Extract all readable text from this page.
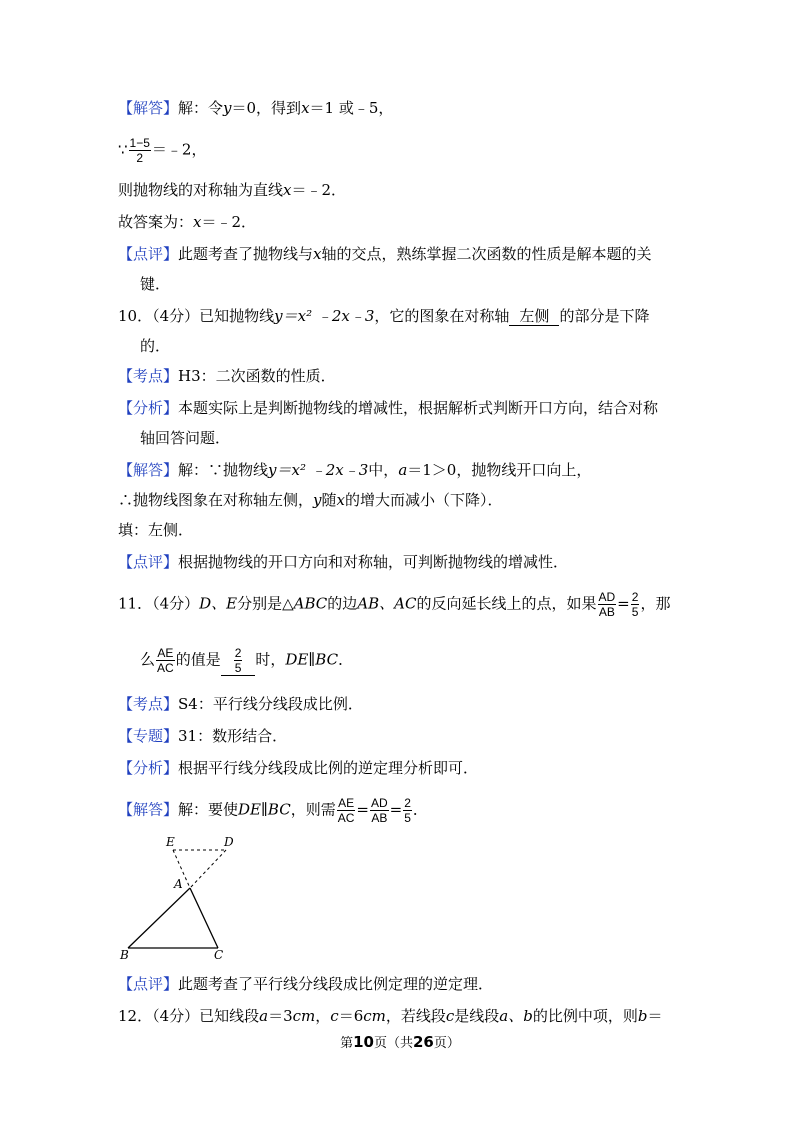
【解答】解：令y＝0，得到x＝1 或﹣5，
∵ $\frac{1-5}{2}$ ＝﹣2，
则抛物线的对称轴为直线x＝﹣2．
故答案为：x＝﹣2．
【点评】此题考查了抛物线与x轴的交点，熟练掌握二次函数的性质是解本题的关
键．
10．（4分）已知抛物线y＝x² ﹣2x﹣3，它的图象在对称轴 左侧 的部分是下降
的．
【考点】H3：二次函数的性质．
【分析】本题实际上是判断抛物线的增减性，根据解析式判断开口方向，结合对称
轴回答问题．
【解答】解：∵抛物线y＝x² ﹣2x﹣3中，a＝1＞0，抛物线开口向上，
∴抛物线图象在对称轴左侧，y随x的增大而减小（下降）．
填：左侧．
【点评】根据抛物线的开口方向和对称轴，可判断抛物线的增减性．
11．（4分）D、E分别是△ABC的边AB、AC的反向延长线上的点，如果 $\frac{AD}{AB} = \frac{2}{5}$ ，那
么 $\frac{AE}{AC}$ 的值是 $\frac{2}{5}$ 时，DE∥BC．
【考点】S4：平行线分线段成比例．
【专题】31：数形结合．
【分析】根据平行线分线段成比例的逆定理分析即可．
【解答】解：要使DE∥BC，则需 $\frac{AE}{AC} = \frac{AD}{AB} = \frac{2}{5}$ ．
E	D
A
B	C
【点评】此题考查了平行线分线段成比例定理的逆定理．
12．（4分）已知线段a＝3cm，c＝6cm，若线段c是线段a、b的比例中项，则b＝
第10页（共26页）
